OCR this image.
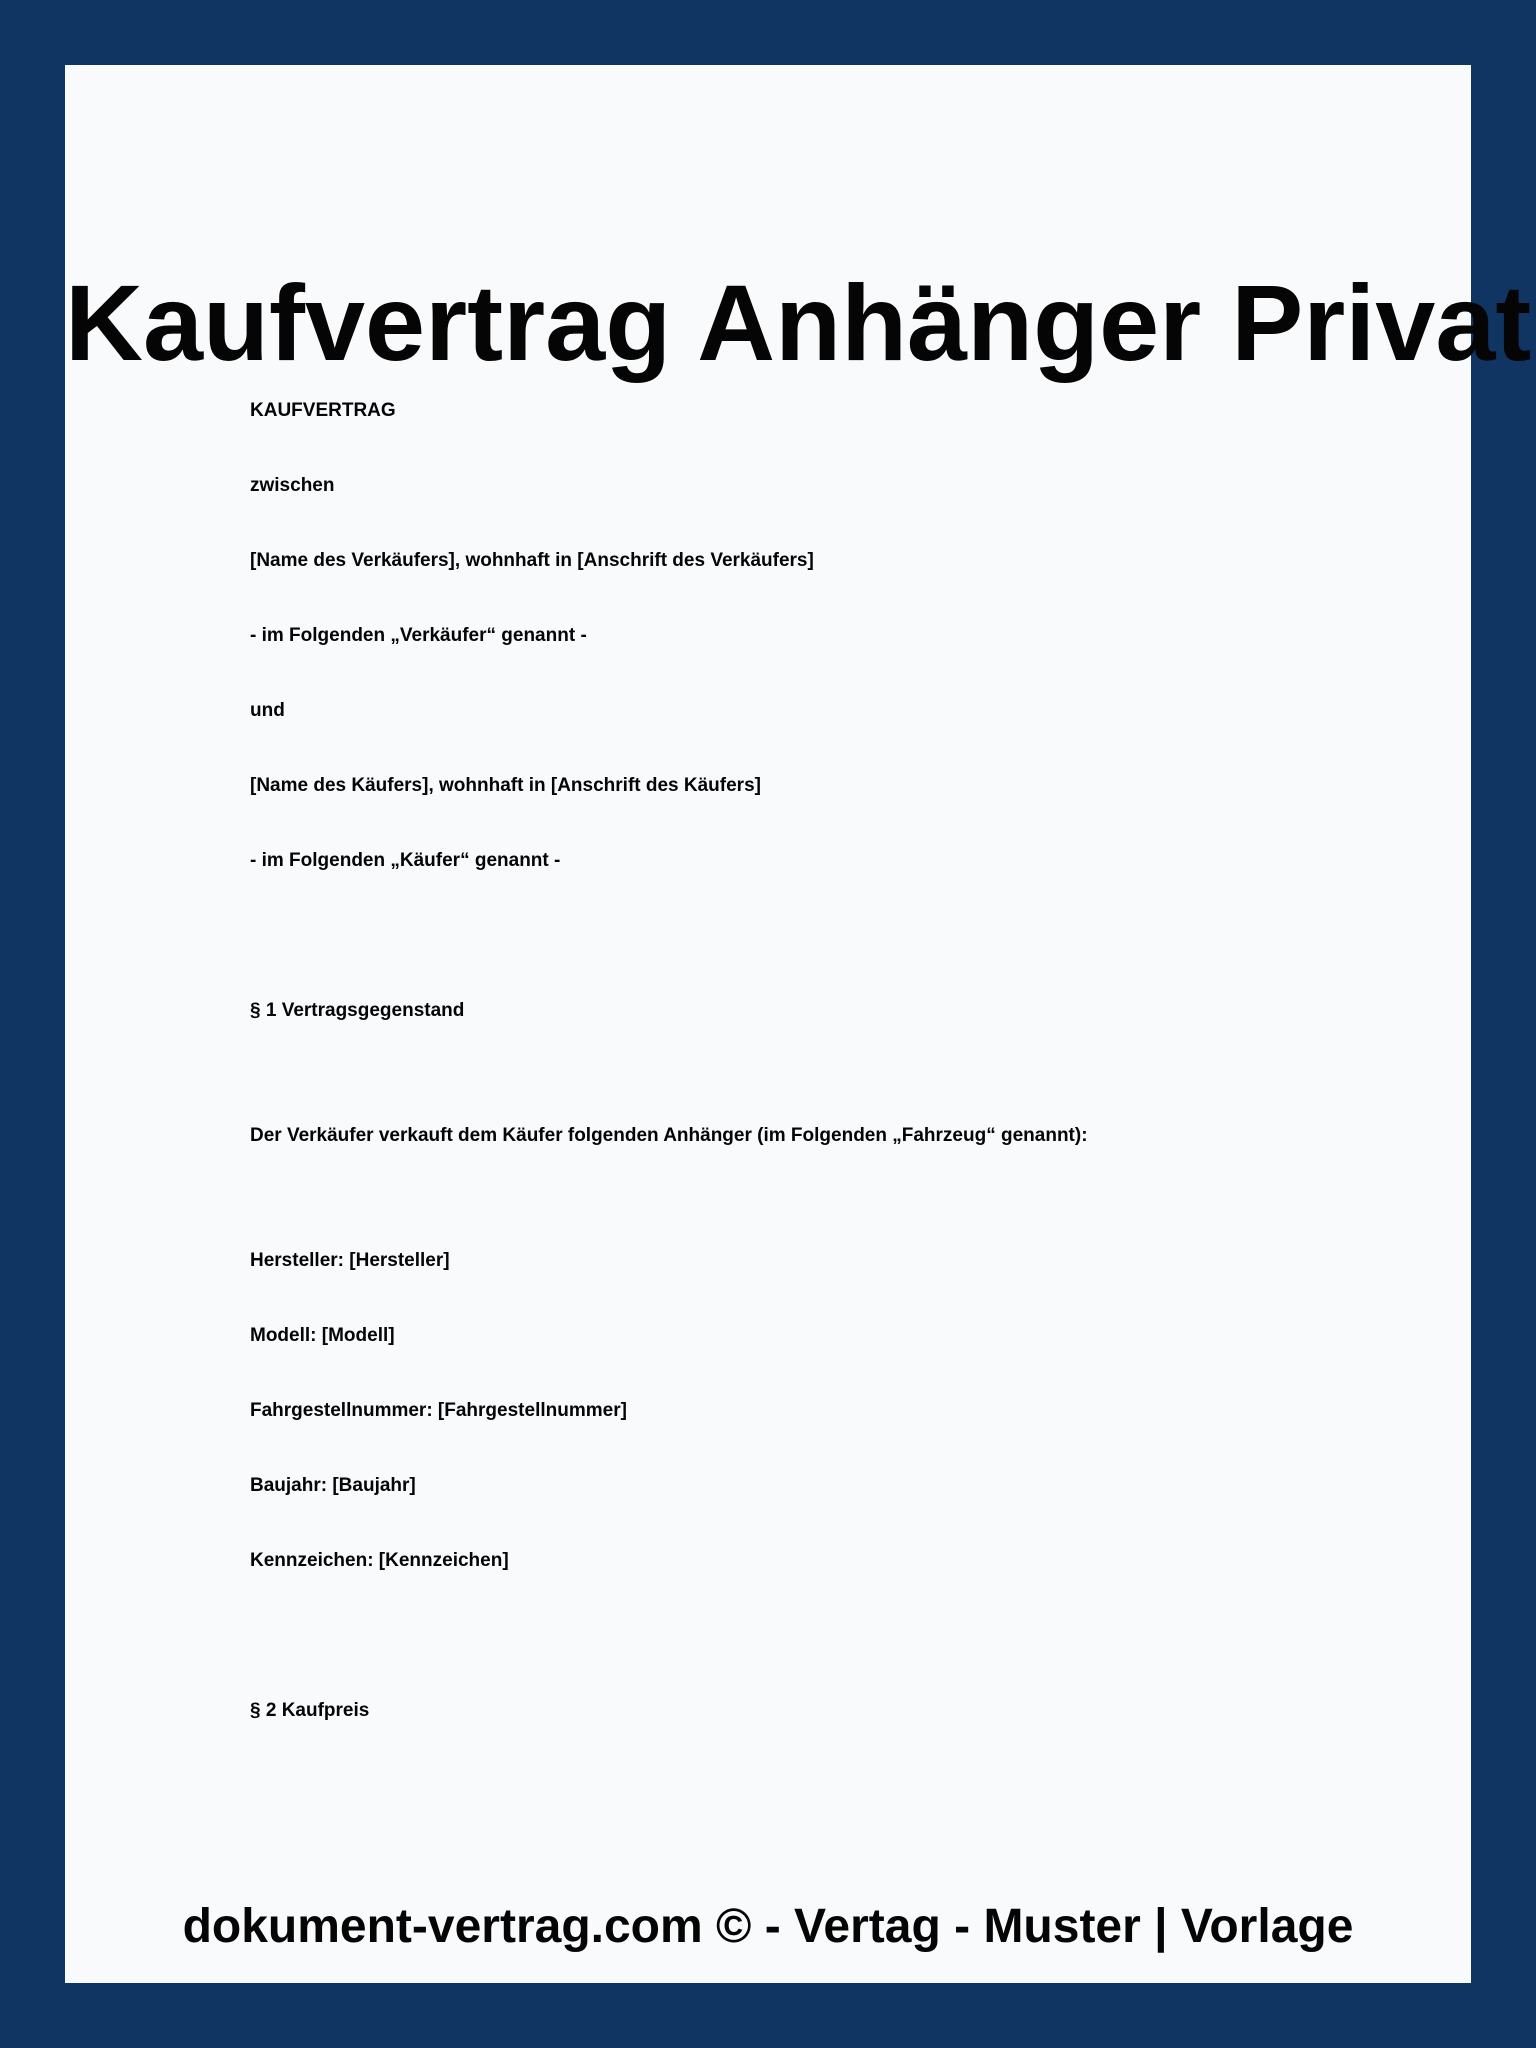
Kaufvertrag Anhänger Privat
KAUFVERTRAG
zwischen
[Name des Verkäufers], wohnhaft in [Anschrift des Verkäufers]
- im Folgenden „Verkäufer“ genannt -
und
[Name des Käufers], wohnhaft in [Anschrift des Käufers]
- im Folgenden „Käufer“ genannt -
§ 1 Vertragsgegenstand
Der Verkäufer verkauft dem Käufer folgenden Anhänger (im Folgenden „Fahrzeug“ genannt):
Hersteller: [Hersteller]
Modell: [Modell]
Fahrgestellnummer: [Fahrgestellnummer]
Baujahr: [Baujahr]
Kennzeichen: [Kennzeichen]
§ 2 Kaufpreis
dokument-vertrag.com © - Vertag - Muster | Vorlage
